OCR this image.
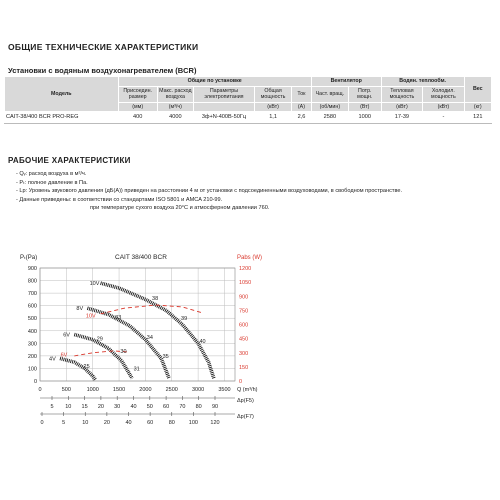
ОБЩИЕ ТЕХНИЧЕСКИЕ ХАРАКТЕРИСТИКИ
Установки с водяным воздухонагревателем (BCR)
Модель	Общие по установке					Вентилятор		Водян. теплообм.		Вес
	Присоедин. размер	Макс. расход воздуха	Параметры электропитания	Общая мощность	Ток	Част. вращ.	Потр. мощн.	Тепловая мощность	Холодил. мощность	
	(мм)	(м³/ч)		(кВт)	(A)	(об/мин)	(Вт)	(кВт)	(кВт)	(кг)
CAIT-38/400 BCR PRO-REG	400	4000	3ф+N-400В-50Гц	1,1	2,6	2580	1000	17-39	-	121
РАБОЧИЕ ХАРАКТЕРИСТИКИ
- Qᵥ: расход воздуха в м³/ч.
- Pₜ: полное давление в Па.
- Lp: Уровень звукового давления (дБ(А)) приведен на расстоянии 4 м от установки с подсоединенными воздуховодами, в свободном пространстве.
- Данные приведены: в соответствии со стандартами ISO 5801 и AMCA 210-99.
при температуре сухого воздуха 20°C и атмосферном давлении 760.
900
800
700
600
500
400
300
200
100
0
0	500	1000	1500	2000	2500	3000	3500
1200
1050
900
750
600
450
300
150
0
Pₜ(Pa)	Pabs (W)
CAIT 38/400 BCR
Q (m³/h)
10V
8V
6V
4V
10V
6V
38
39
40
33
34
35
29
30
31
25
5 10 15 20 30 40 50 60 70 80 90
Δp(F5)
0	5	10	20	40	60	80	100 120
Δp(F7)
